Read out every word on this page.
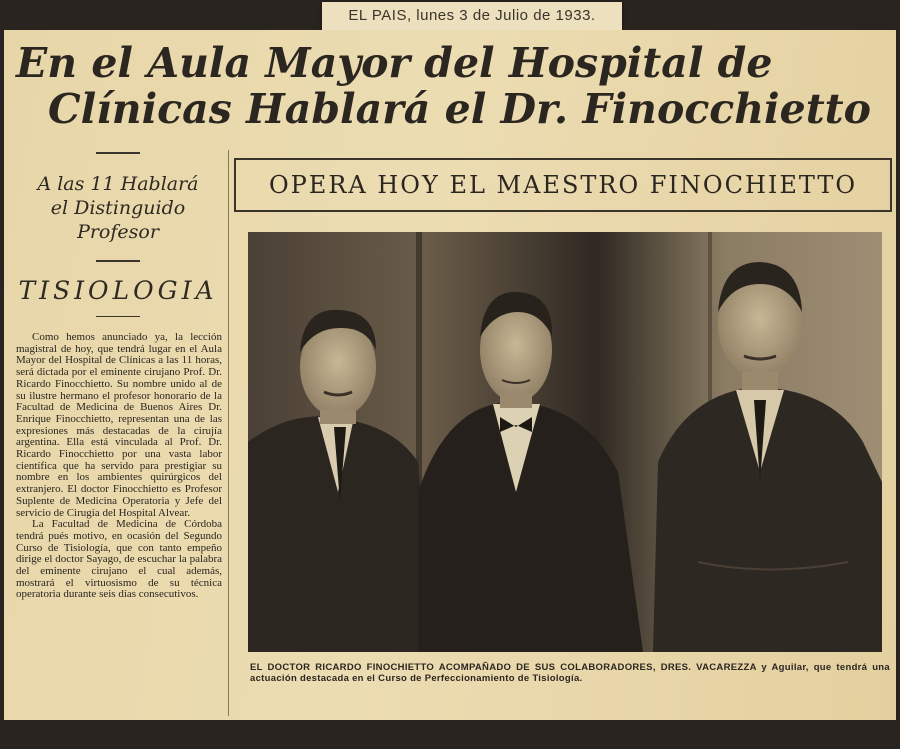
EL PAIS, lunes 3 de Julio de 1933.
En el Aula Mayor del Hospital de
Clínicas Hablará el Dr. Finocchietto
A las 11 Hablará
el Distinguido
Profesor
TISIOLOGIA

Como hemos anunciado ya, la lección magistral de hoy, que tendrá lugar en el Aula Mayor del Hospital de Clínicas a las 11 horas, será dictada por el eminente cirujano Prof. Dr. Ricardo Finocchietto. Su nombre unido al de su ilustre hermano el profesor honorario de la Facultad de Medicina de Buenos Aires Dr. Enrique Finocchietto, representan una de las expresiones más destacadas de la cirujía argentina. Ella está vinculada al Prof. Dr. Ricardo Finocchietto por una vasta labor científica que ha servido para prestigiar su nombre en los ambientes quirúrgicos del extranjero. El doctor Finocchietto es Profesor Suplente de Medicina Operatoria y Jefe del servicio de Cirugía del Hospital Alvear.

La Facultad de Medicina de Córdoba tendrá pués motivo, en ocasión del Segundo Curso de Tisiología, que con tanto empeño dirige el doctor Sayago, de escuchar la palabra del eminente cirujano el cual además, mostrará el virtuosismo de su técnica operatoria durante seis días consecutivos.

OPERA HOY EL MAESTRO FINOCHIETTO
EL DOCTOR RICARDO FINOCHIETTO ACOMPAÑADO DE SUS COLABORADORES, DRES. VACAREZZA y Aguilar, que tendrá una actuación destacada en el Curso de Perfeccionamiento de Tisiología.
